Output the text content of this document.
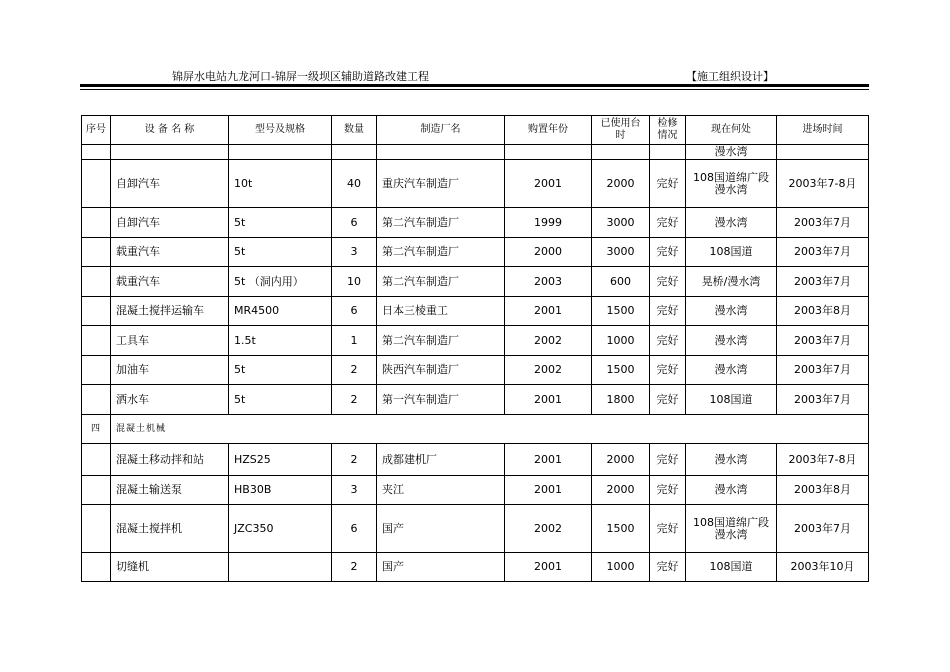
锦屏水电站九龙河口-锦屏一级坝区辅助道路改建工程	【施工组织设计】
序号	设 备 名 称	型号及规格	数量	制造厂名	购置年份	已使用台 时	检修情况	现在何处	进场时间
								漫水湾	
	自卸汽车	10t	40	重庆汽车制造厂	2001	2000	完好	108国道绵广段漫水湾	2003年7-8月
	自卸汽车	5t	6	第二汽车制造厂	1999	3000	完好	漫水湾	2003年7月
	载重汽车	5t	3	第二汽车制造厂	2000	3000	完好	108国道	2003年7月
	载重汽车	5t （洞内用）	10	第二汽车制造厂	2003	600	完好	晃桥/漫水湾	2003年7月
	混凝土搅拌运输车	MR4500	6	日本三棱重工	2001	1500	完好	漫水湾	2003年8月
	工具车	1.5t	1	第二汽车制造厂	2002	1000	完好	漫水湾	2003年7月
	加油车	5t	2	陕西汽车制造厂	2002	1500	完好	漫水湾	2003年7月
	洒水车	5t	2	第一汽车制造厂	2001	1800	完好	108国道	2003年7月
四	混凝土机械								
	混凝土移动拌和站	HZS25	2	成都建机厂	2001	2000	完好	漫水湾	2003年7-8月
	混凝土输送泵	HB30B	3	夹江	2001	2000	完好	漫水湾	2003年8月
	混凝土搅拌机	JZC350	6	国产	2002	1500	完好	108国道绵广段漫水湾	2003年7月
	切缝机		2	国产	2001	1000	完好	108国道	2003年10月
